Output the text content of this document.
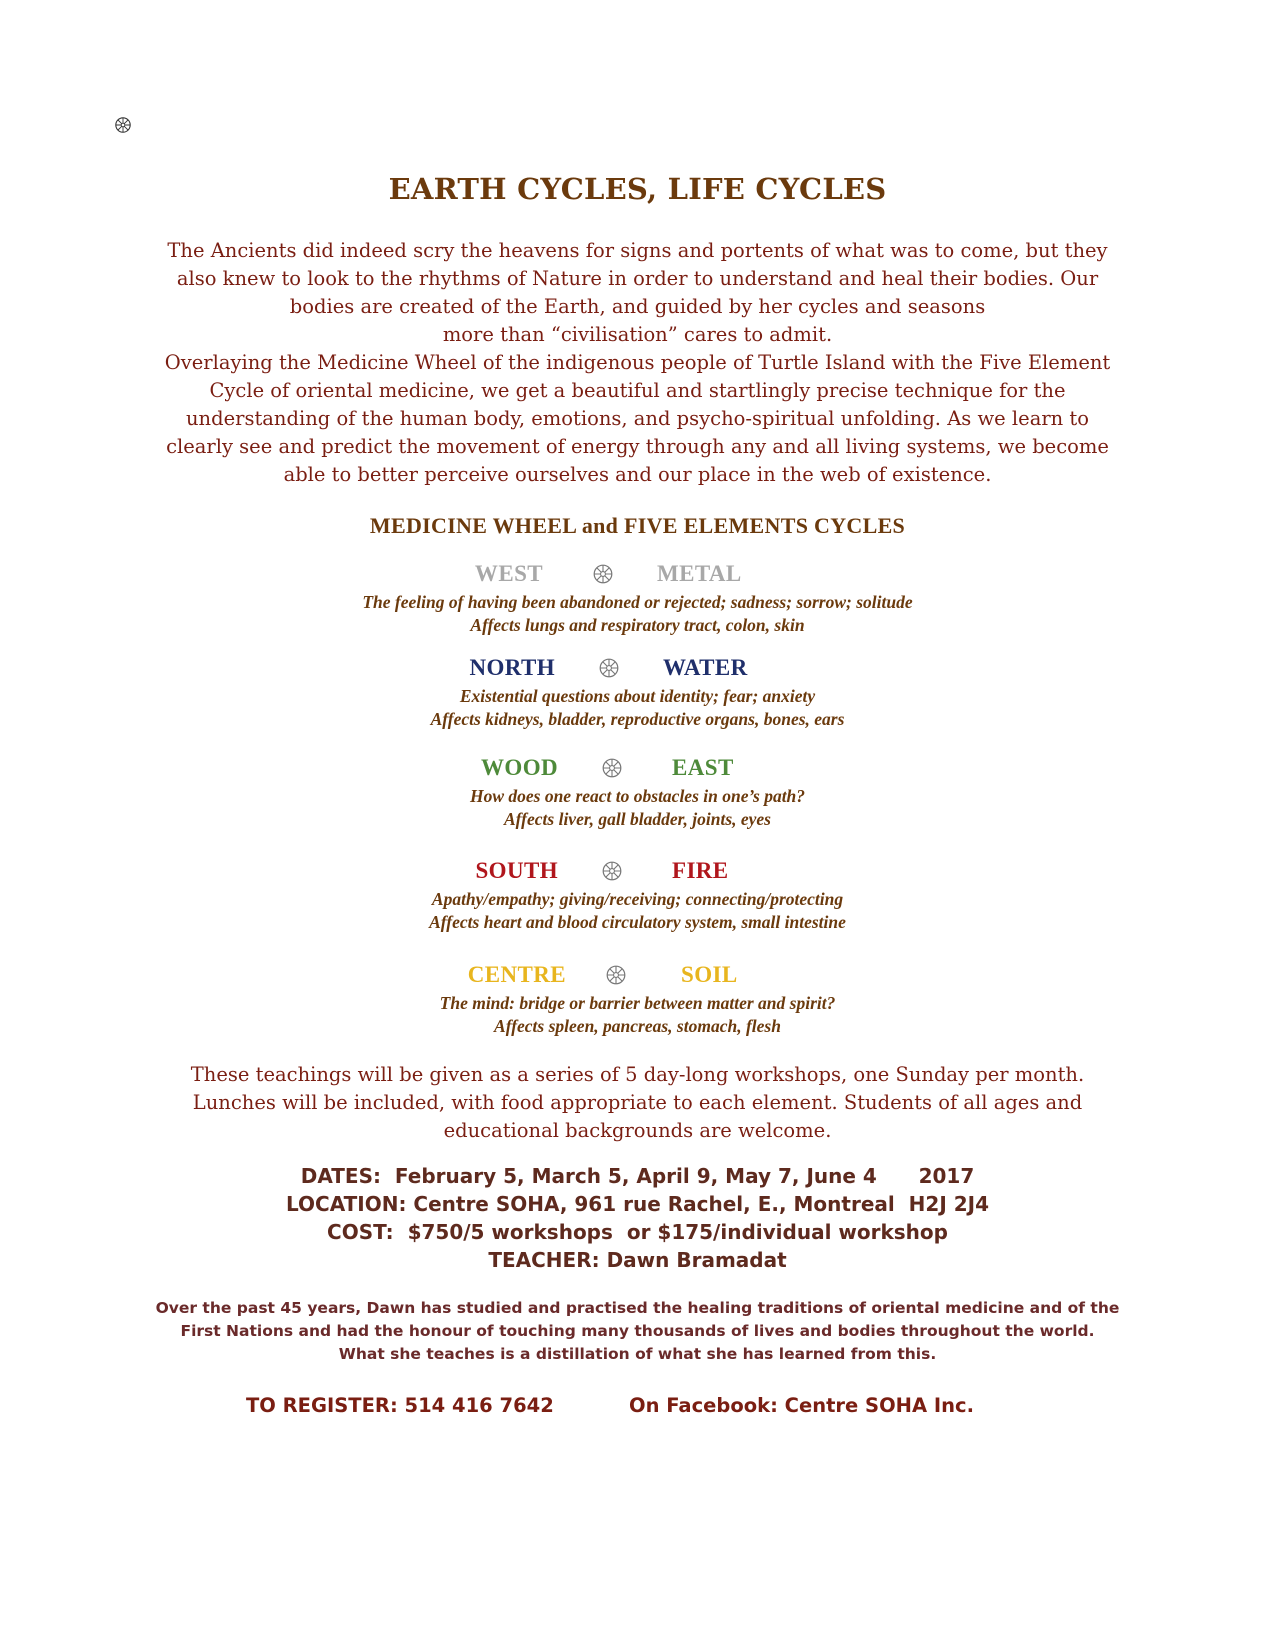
EARTH CYCLES, LIFE CYCLES

The Ancients did indeed scry the heavens for signs and portents of what was to come, but they

also knew to look to the rhythms of Nature in order to understand and heal their bodies. Our

bodies are created of the Earth, and guided by her cycles and seasons

more than “civilisation” cares to admit.

Overlaying the Medicine Wheel of the indigenous people of Turtle Island with the Five Element

Cycle of oriental medicine, we get a beautiful and startlingly precise technique for the

understanding of the human body, emotions, and psycho-spiritual unfolding. As we learn to

clearly see and predict the movement of energy through any and all living systems, we become

able to better perceive ourselves and our place in the web of existence.

MEDICINE WHEEL and FIVE ELEMENTS CYCLES
WEST	METAL
The feeling of having been abandoned or rejected; sadness; sorrow; solitude
Affects lungs and respiratory tract, colon, skin
NORTH	WATER
Existential questions about identity; fear; anxiety
Affects kidneys, bladder, reproductive organs, bones, ears
WOOD	EAST
How does one react to obstacles in one’s path?
Affects liver, gall bladder, joints, eyes
SOUTH	FIRE
Apathy/empathy; giving/receiving; connecting/protecting
Affects heart and blood circulatory system, small intestine
CENTRE	SOIL
The mind: bridge or barrier between matter and spirit?
Affects spleen, pancreas, stomach, flesh

These teachings will be given as a series of 5 day-long workshops, one Sunday per month.

Lunches will be included, with food appropriate to each element. Students of all ages and

educational backgrounds are welcome.

DATES:  February 5, March 5, April 9, May 7, June 4      2017
LOCATION: Centre SOHA, 961 rue Rachel, E., Montreal  H2J 2J4
COST:  $750/5 workshops  or $175/individual workshop
TEACHER: Dawn Bramadat
Over the past 45 years, Dawn has studied and practised the healing traditions of oriental medicine and of the
First Nations and had the honour of touching many thousands of lives and bodies throughout the world.
What she teaches is a distillation of what she has learned from this.
TO REGISTER: 514 416 7642	On Facebook: Centre SOHA Inc.
